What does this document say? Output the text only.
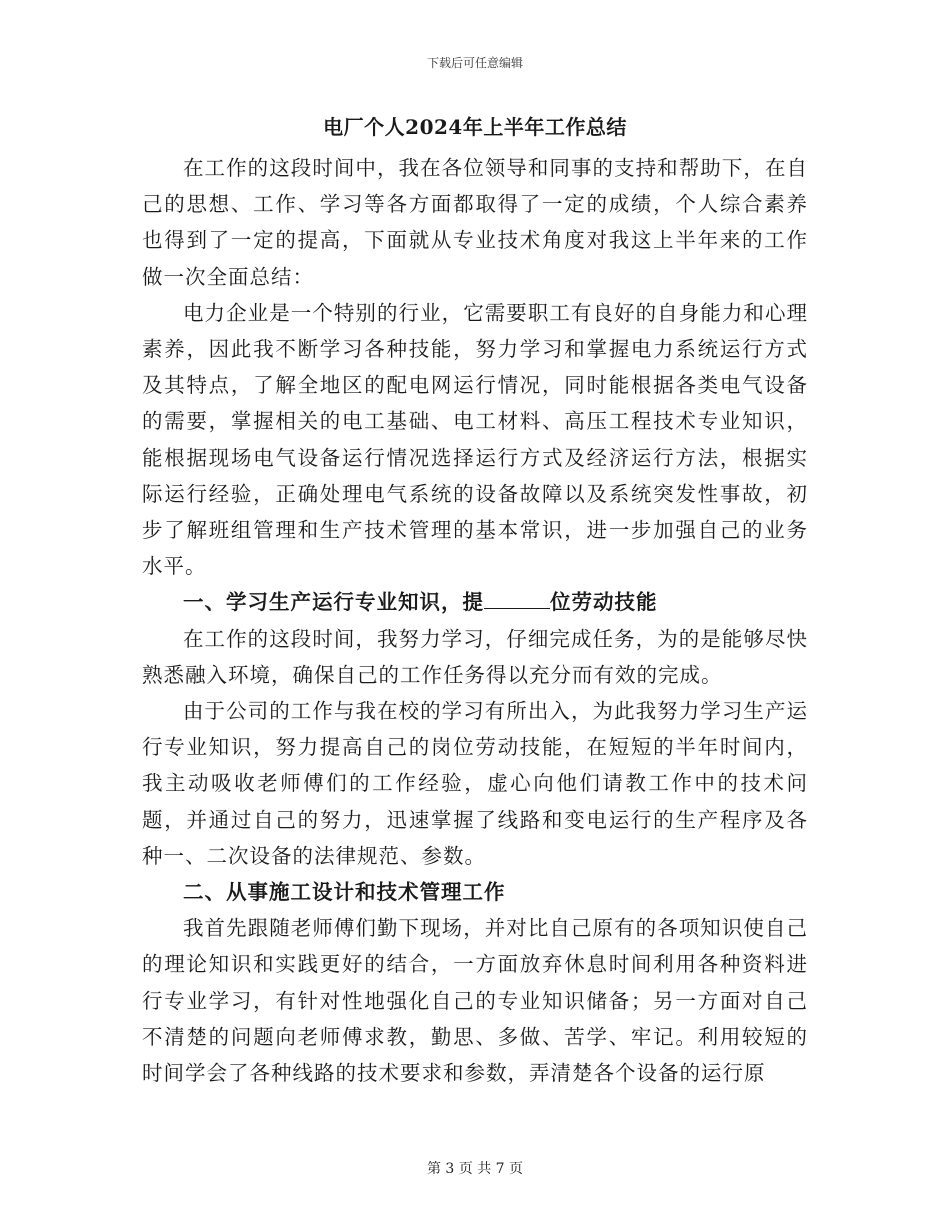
下载后可任意编辑

电厂个人2024年上半年工作总结

在工作的这段时间中，我在各位领导和同事的支持和帮助下，在自己的思想、工作、学习等各方面都取得了一定的成绩，个人综合素养也得到了一定的提高，下面就从专业技术角度对我这上半年来的工作做一次全面总结：

电力企业是一个特别的行业，它需要职工有良好的自身能力和心理素养，因此我不断学习各种技能，努力学习和掌握电力系统运行方式及其特点，了解全地区的配电网运行情况，同时能根据各类电气设备的需要，掌握相关的电工基础、电工材料、高压工程技术专业知识，能根据现场电气设备运行情况选择运行方式及经济运行方法，根据实际运行经验，正确处理电气系统的设备故障以及系统突发性事故，初步了解班组管理和生产技术管理的基本常识，进一步加强自己的业务水平。

一、学习生产运行专业知识，提	位劳动技能

在工作的这段时间，我努力学习，仔细完成任务，为的是能够尽快熟悉融入环境，确保自己的工作任务得以充分而有效的完成。

由于公司的工作与我在校的学习有所出入，为此我努力学习生产运行专业知识，努力提高自己的岗位劳动技能，在短短的半年时间内，我主动吸收老师傅们的工作经验，虚心向他们请教工作中的技术问题，并通过自己的努力，迅速掌握了线路和变电运行的生产程序及各种一、二次设备的法律规范、参数。

二、从事施工设计和技术管理工作

我首先跟随老师傅们勤下现场，并对比自己原有的各项知识使自己的理论知识和实践更好的结合，一方面放弃休息时间利用各种资料进行专业学习，有针对性地强化自己的专业知识储备；另一方面对自己不清楚的问题向老师傅求教，勤思、多做、苦学、牢记。利用较短的时间学会了各种线路的技术要求和参数，弄清楚各个设备的运行原

第 3 页 共 7 页
